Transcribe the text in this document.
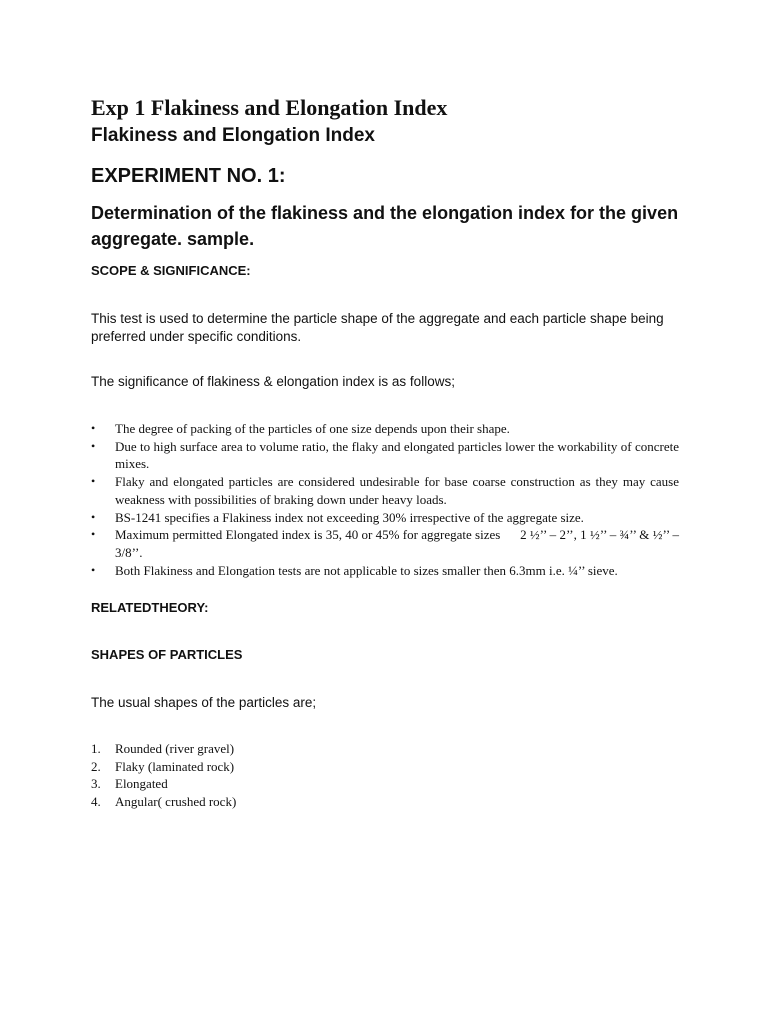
Exp 1 Flakiness and Elongation Index
Flakiness and Elongation Index
EXPERIMENT NO. 1:
Determination of the flakiness and the elongation index for the given aggregate. sample.
SCOPE & SIGNIFICANCE:
This test is used to determine the particle shape of the aggregate and each particle shape being preferred under specific conditions.
The significance of flakiness & elongation index is as follows;
•	The degree of packing of the particles of one size depends upon their shape.
•	Due to high surface area to volume ratio, the flaky and elongated particles lower the workability of concrete mixes.
•	Flaky and elongated particles are considered undesirable for base coarse construction as they may cause weakness with possibilities of braking down under heavy loads.
•	BS-1241 specifies a Flakiness index not exceeding 30% irrespective of the aggregate size.
•	Maximum permitted Elongated index is 35, 40 or 45% for aggregate sizes      2 ½’’ – 2’’, 1 ½’’ – ¾’’ & ½’’ – 3/8’’.
•	Both Flakiness and Elongation tests are not applicable to sizes smaller then 6.3mm i.e. ¼’’ sieve.
RELATEDTHEORY:
SHAPES OF PARTICLES
The usual shapes of the particles are;
1. Rounded (river gravel)
2. Flaky (laminated rock)
3. Elongated
4. Angular( crushed rock)
